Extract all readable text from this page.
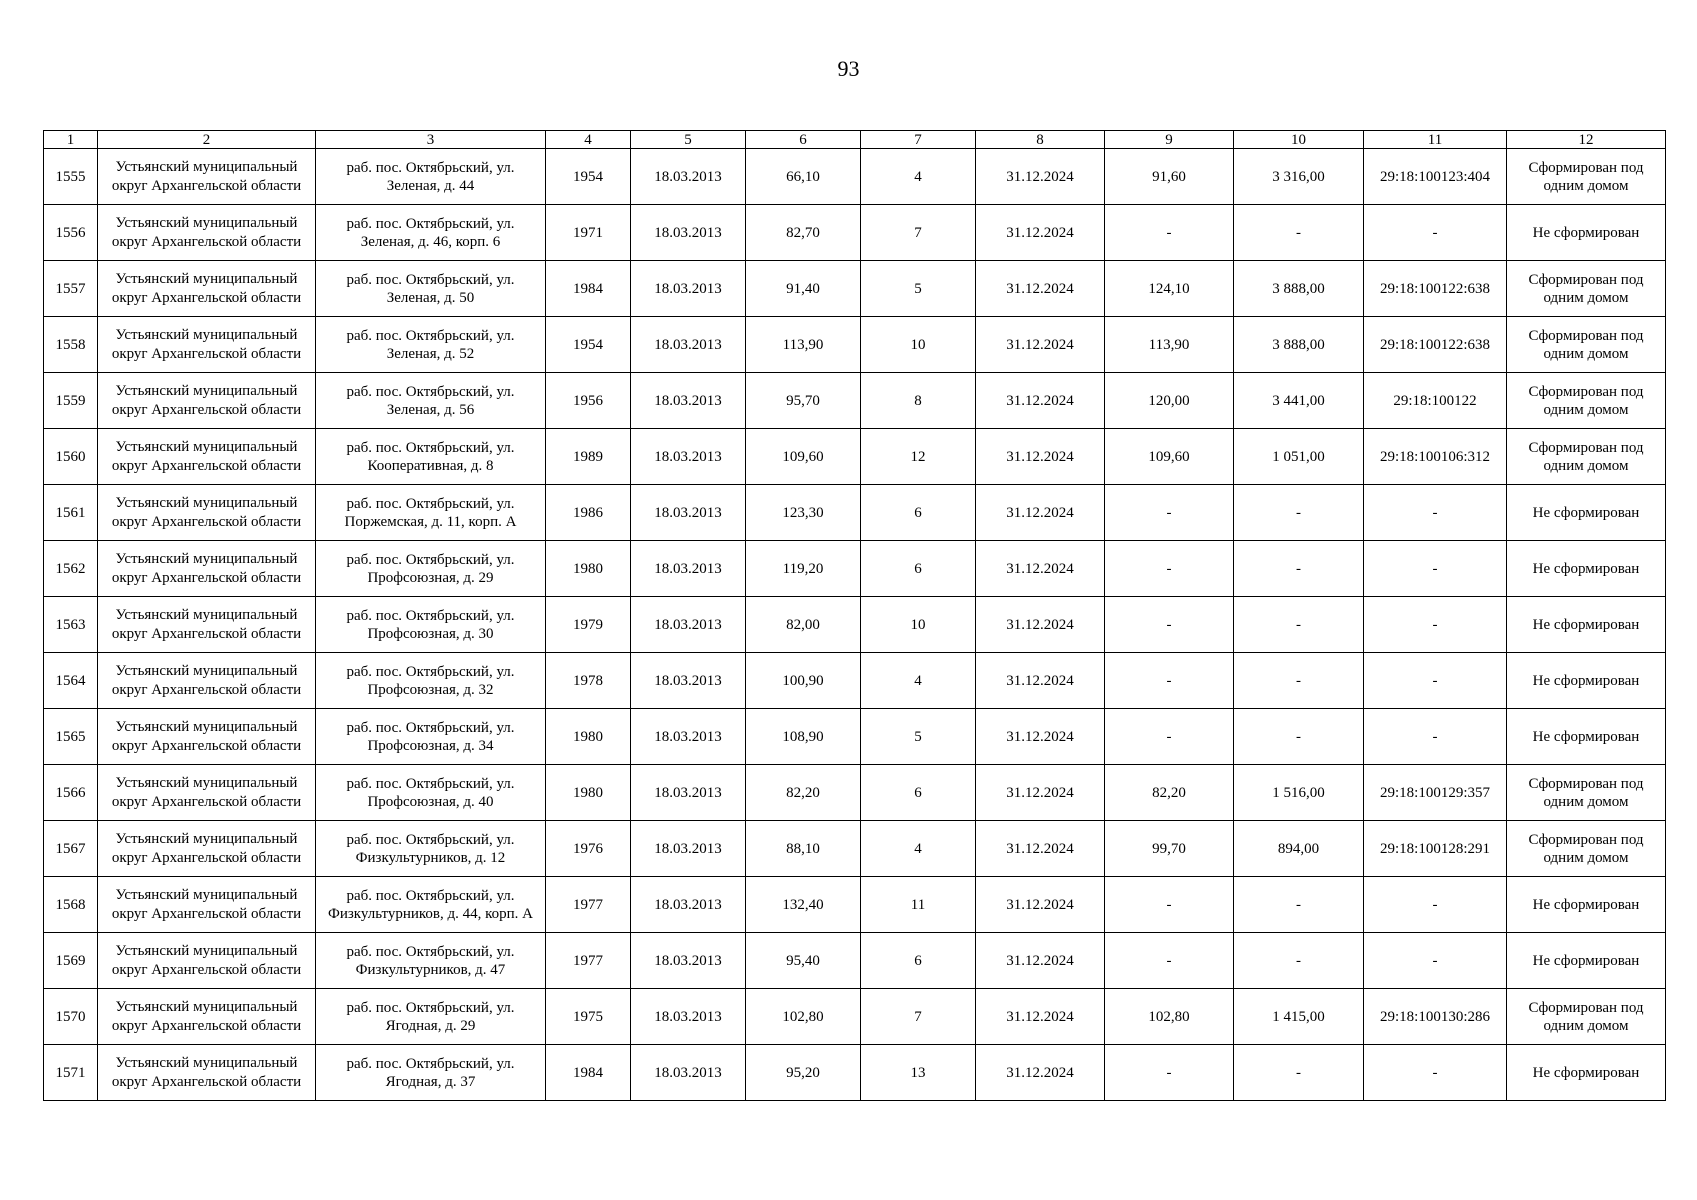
93
1	2	3	4	5	6	7	8	9	10	11	12
1555	Устьянский муниципальный округ Архангельской области	раб. пос. Октябрьский, ул. Зеленая, д. 44	1954	18.03.2013	66,10	4	31.12.2024	91,60	3 316,00	29:18:100123:404	Сформирован под одним домом
1556	Устьянский муниципальный округ Архангельской области	раб. пос. Октябрьский, ул. Зеленая, д. 46, корп. 6	1971	18.03.2013	82,70	7	31.12.2024	-	-	-	Не сформирован
1557	Устьянский муниципальный округ Архангельской области	раб. пос. Октябрьский, ул. Зеленая, д. 50	1984	18.03.2013	91,40	5	31.12.2024	124,10	3 888,00	29:18:100122:638	Сформирован под одним домом
1558	Устьянский муниципальный округ Архангельской области	раб. пос. Октябрьский, ул. Зеленая, д. 52	1954	18.03.2013	113,90	10	31.12.2024	113,90	3 888,00	29:18:100122:638	Сформирован под одним домом
1559	Устьянский муниципальный округ Архангельской области	раб. пос. Октябрьский, ул. Зеленая, д. 56	1956	18.03.2013	95,70	8	31.12.2024	120,00	3 441,00	29:18:100122	Сформирован под одним домом
1560	Устьянский муниципальный округ Архангельской области	раб. пос. Октябрьский, ул. Кооперативная, д. 8	1989	18.03.2013	109,60	12	31.12.2024	109,60	1 051,00	29:18:100106:312	Сформирован под одним домом
1561	Устьянский муниципальный округ Архангельской области	раб. пос. Октябрьский, ул. Поржемская, д. 11, корп. А	1986	18.03.2013	123,30	6	31.12.2024	-	-	-	Не сформирован
1562	Устьянский муниципальный округ Архангельской области	раб. пос. Октябрьский, ул. Профсоюзная, д. 29	1980	18.03.2013	119,20	6	31.12.2024	-	-	-	Не сформирован
1563	Устьянский муниципальный округ Архангельской области	раб. пос. Октябрьский, ул. Профсоюзная, д. 30	1979	18.03.2013	82,00	10	31.12.2024	-	-	-	Не сформирован
1564	Устьянский муниципальный округ Архангельской области	раб. пос. Октябрьский, ул. Профсоюзная, д. 32	1978	18.03.2013	100,90	4	31.12.2024	-	-	-	Не сформирован
1565	Устьянский муниципальный округ Архангельской области	раб. пос. Октябрьский, ул. Профсоюзная, д. 34	1980	18.03.2013	108,90	5	31.12.2024	-	-	-	Не сформирован
1566	Устьянский муниципальный округ Архангельской области	раб. пос. Октябрьский, ул. Профсоюзная, д. 40	1980	18.03.2013	82,20	6	31.12.2024	82,20	1 516,00	29:18:100129:357	Сформирован под одним домом
1567	Устьянский муниципальный округ Архангельской области	раб. пос. Октябрьский, ул. Физкультурников, д. 12	1976	18.03.2013	88,10	4	31.12.2024	99,70	894,00	29:18:100128:291	Сформирован под одним домом
1568	Устьянский муниципальный округ Архангельской области	раб. пос. Октябрьский, ул. Физкультурников, д. 44, корп. А	1977	18.03.2013	132,40	11	31.12.2024	-	-	-	Не сформирован
1569	Устьянский муниципальный округ Архангельской области	раб. пос. Октябрьский, ул. Физкультурников, д. 47	1977	18.03.2013	95,40	6	31.12.2024	-	-	-	Не сформирован
1570	Устьянский муниципальный округ Архангельской области	раб. пос. Октябрьский, ул. Ягодная, д. 29	1975	18.03.2013	102,80	7	31.12.2024	102,80	1 415,00	29:18:100130:286	Сформирован под одним домом
1571	Устьянский муниципальный округ Архангельской области	раб. пос. Октябрьский, ул. Ягодная, д. 37	1984	18.03.2013	95,20	13	31.12.2024	-	-	-	Не сформирован
